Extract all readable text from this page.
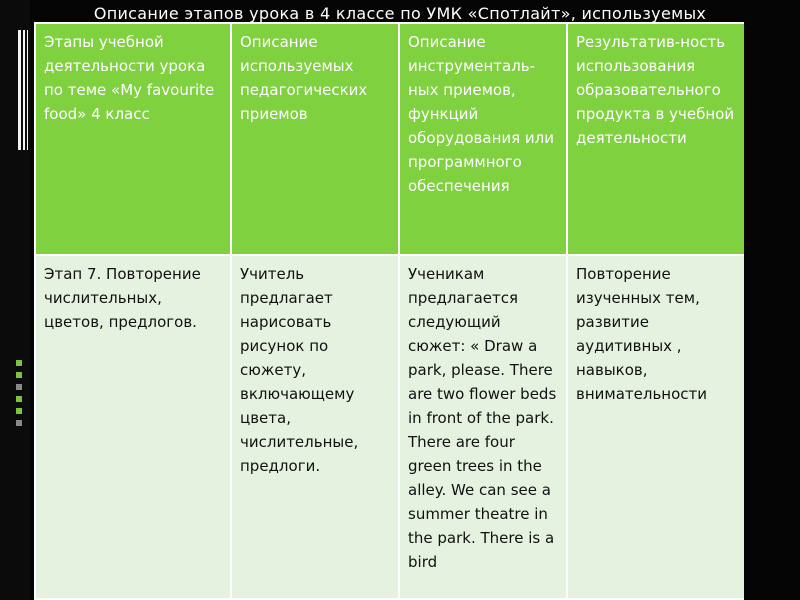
Описание этапов урока в 4 классе по УМК «Спотлайт», используемых
Этапы учебной деятельности урока по теме «My favourite food» 4 класс	Описание используемых педагогических приемов	Описание инструменталь-ных приемов, функций оборудования или программного обеспечения	Результатив-ность использования образовательного продукта в учебной деятельности
Этап 7. Повторение числительных, цветов, предлогов.	Учитель предлагает нарисовать рисунок по сюжету, включающему цвета, числительные, предлоги.	Ученикам предлагается следующий сюжет: « Draw a park, please. There are two flower beds in front of the park. There are four green trees in the alley. We can see a summer theatre in the park. There is a bird	Повторение изученных тем, развитие аудитивных , навыков, внимательности
